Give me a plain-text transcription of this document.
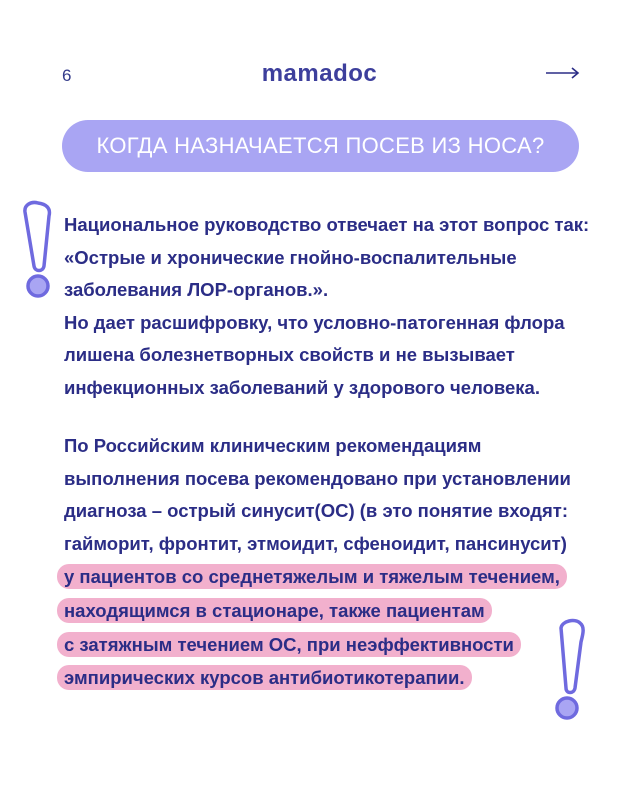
6	mamadoc
КОГДА НАЗНАЧАЕТСЯ ПОСЕВ ИЗ НОСА?
Национальное руководство отвечает на этот вопрос так:
«Острые и хронические гнойно-воспалительные
заболевания ЛОР-органов.».
Но дает расшифровку, что условно-патогенная флора
лишена болезнетворных свойств и не вызывает
инфекционных заболеваний у здорового человека.
По Российским клиническим рекомендациям
выполнения посева рекомендовано при установлении
диагноза – острый синусит(ОС) (в это понятие входят:
гайморит, фронтит, этмоидит, сфеноидит, пансинусит)
у пациентов со среднетяжелым и тяжелым течением,
находящимся в стационаре, также пациентам
с затяжным течением ОС, при неэффективности
эмпирических курсов антибиотикотерапии.
